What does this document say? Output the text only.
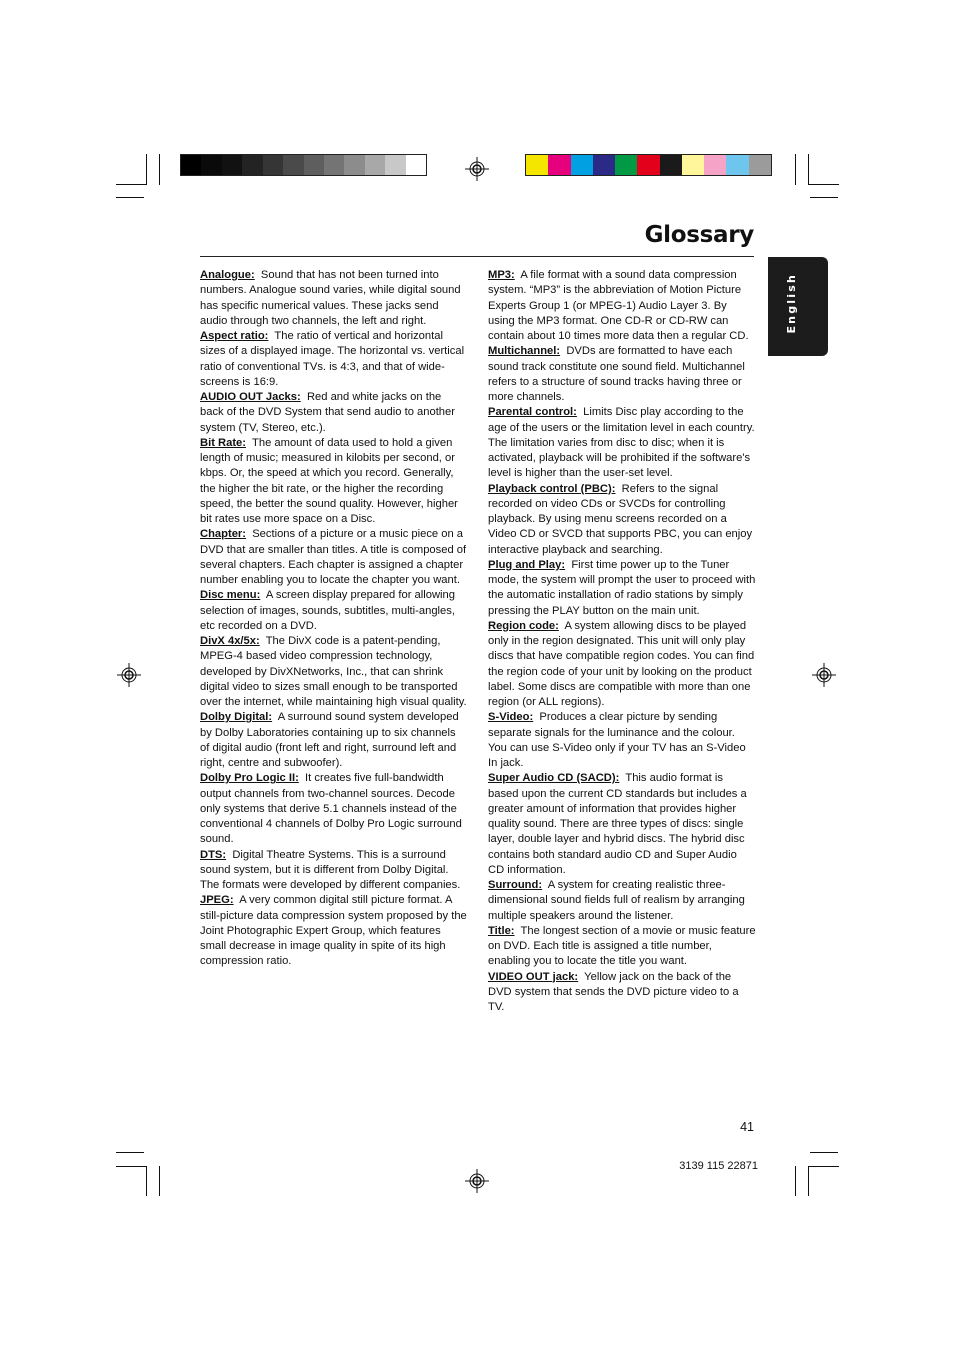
Glossary
English

Analogue: Sound that has not been turned into numbers. Analogue sound varies, while digital sound has specific numerical values. These jacks send audio through two channels, the left and right.

Aspect ratio: The ratio of vertical and horizontal sizes of a displayed image. The horizontal vs. vertical ratio of conventional TVs. is 4:3, and that of wide-screens is 16:9.

AUDIO OUT Jacks: Red and white jacks on the back of the DVD System that send audio to another system (TV, Stereo, etc.).

Bit Rate: The amount of data used to hold a given length of music; measured in kilobits per second, or kbps. Or, the speed at which you record. Generally, the higher the bit rate, or the higher the recording speed, the better the sound quality. However, higher bit rates use more space on a Disc.

Chapter: Sections of a picture or a music piece on a DVD that are smaller than titles. A title is composed of several chapters. Each chapter is assigned a chapter number enabling you to locate the chapter you want.

Disc menu: A screen display prepared for allowing selection of images, sounds, subtitles, multi-angles, etc recorded on a DVD.

DivX 4x/5x: The DivX code is a patent-pending, MPEG-4 based video compression technology, developed by DivXNetworks, Inc., that can shrink digital video to sizes small enough to be transported over the internet, while maintaining high visual quality.

Dolby Digital: A surround sound system developed by Dolby Laboratories containing up to six channels of digital audio (front left and right, surround left and right, centre and subwoofer).

Dolby Pro Logic II: It creates five full-bandwidth output channels from two-channel sources. Decode only systems that derive 5.1 channels instead of the conventional 4 channels of Dolby Pro Logic surround sound.

DTS: Digital Theatre Systems. This is a surround sound system, but it is different from Dolby Digital. The formats were developed by different companies.

JPEG: A very common digital still picture format. A still-picture data compression system proposed by the Joint Photographic Expert Group, which features small decrease in image quality in spite of its high compression ratio.

MP3: A file format with a sound data compression system. “MP3” is the abbreviation of Motion Picture Experts Group 1 (or MPEG-1) Audio Layer 3. By using the MP3 format. One CD-R or CD-RW can contain about 10 times more data then a regular CD.

Multichannel: DVDs are formatted to have each sound track constitute one sound field. Multichannel refers to a structure of sound tracks having three or more channels.

Parental control: Limits Disc play according to the age of the users or the limitation level in each country. The limitation varies from disc to disc; when it is activated, playback will be prohibited if the software's level is higher than the user-set level.

Playback control (PBC): Refers to the signal recorded on video CDs or SVCDs for controlling playback. By using menu screens recorded on a Video CD or SVCD that supports PBC, you can enjoy interactive playback and searching.

Plug and Play: First time power up to the Tuner mode, the system will prompt the user to proceed with the automatic installation of radio stations by simply pressing the PLAY button on the main unit.

Region code: A system allowing discs to be played only in the region designated. This unit will only play discs that have compatible region codes. You can find the region code of your unit by looking on the product label. Some discs are compatible with more than one region (or ALL regions).

S-Video: Produces a clear picture by sending separate signals for the luminance and the colour. You can use S-Video only if your TV has an S-Video In jack.

Super Audio CD (SACD): This audio format is based upon the current CD standards but includes a greater amount of information that provides higher quality sound. There are three types of discs: single layer, double layer and hybrid discs. The hybrid disc contains both standard audio CD and Super Audio CD information.

Surround: A system for creating realistic three-dimensional sound fields full of realism by arranging multiple speakers around the listener.

Title: The longest section of a movie or music feature on DVD. Each title is assigned a title number, enabling you to locate the title you want.

VIDEO OUT jack: Yellow jack on the back of the DVD system that sends the DVD picture video to a TV.

41
3139 115 22871
